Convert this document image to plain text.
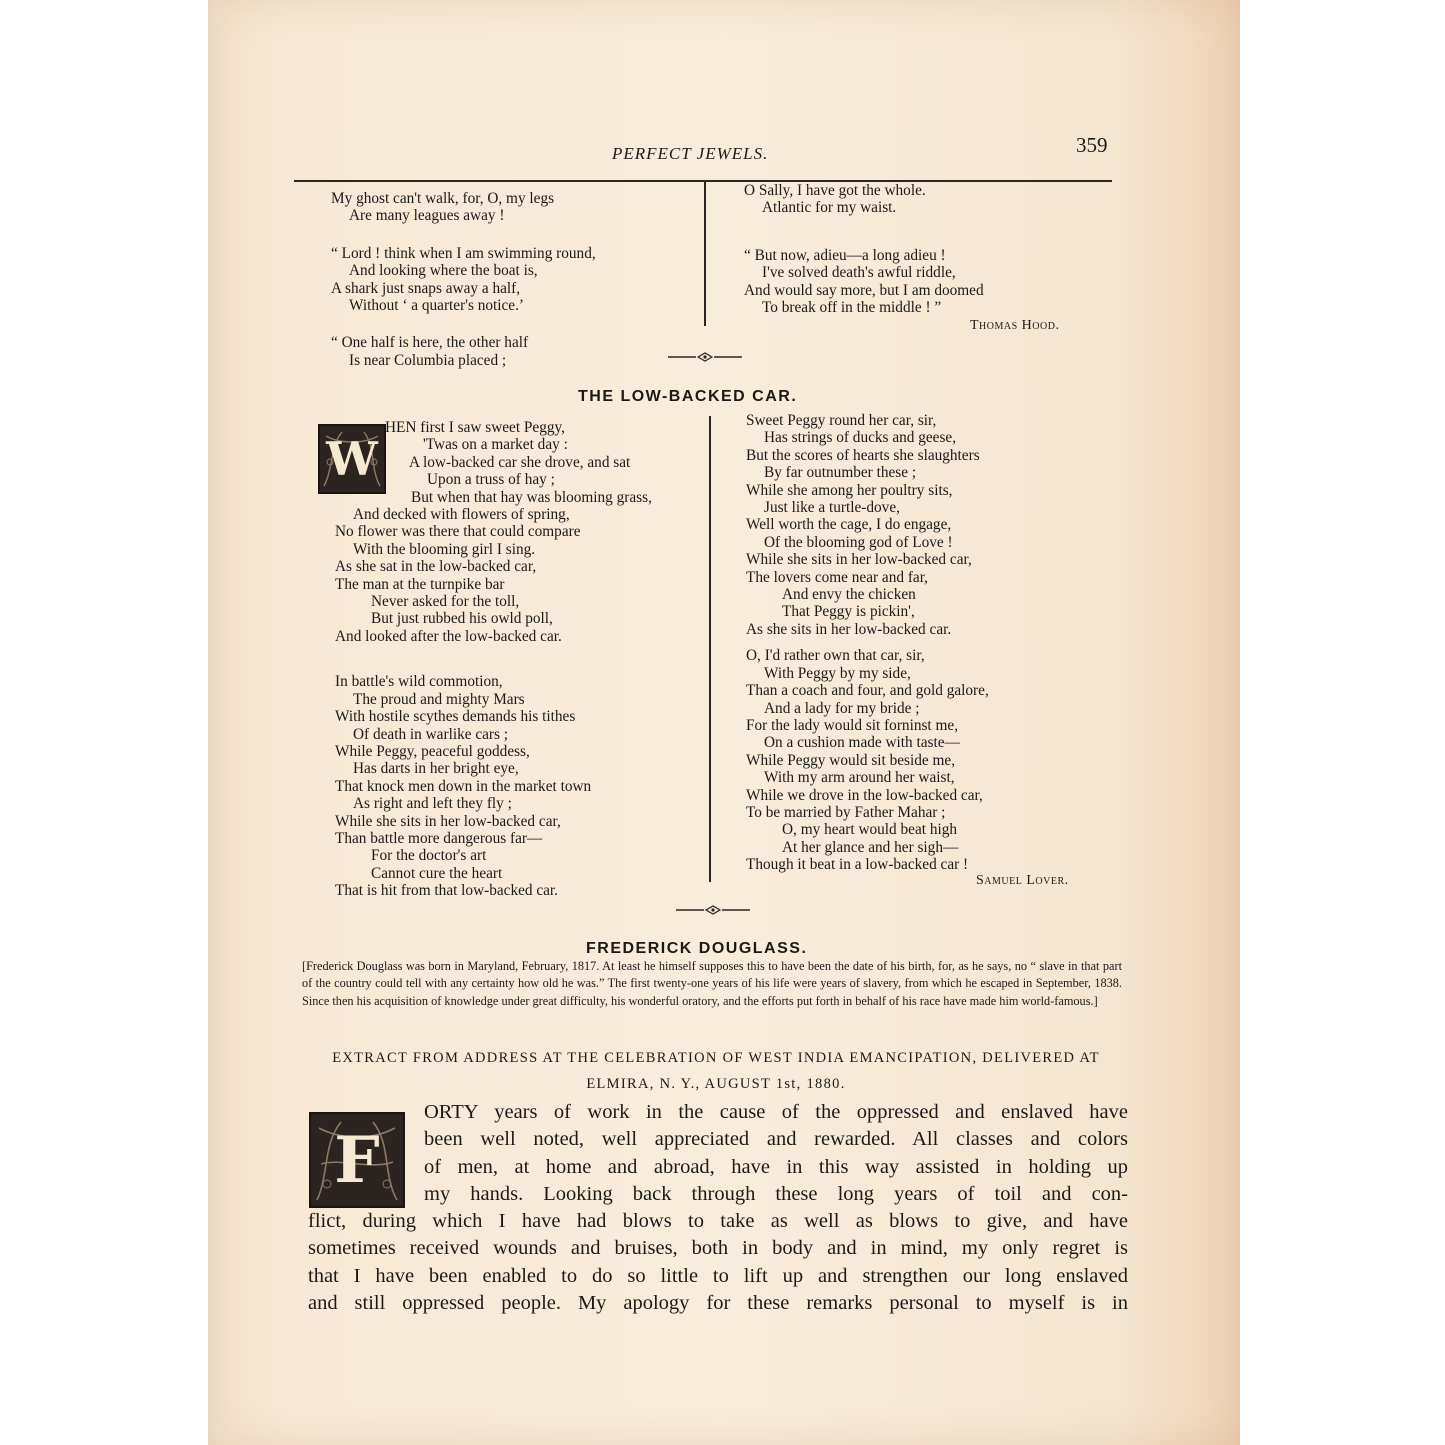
PERFECT JEWELS.	359
My ghost can't walk, for, O, my legs
Are many leagues away !
“ Lord ! think when I am swimming round,
And looking where the boat is,
A shark just snaps away a half,
Without ‘ a quarter's notice.’
“ One half is here, the other half
Is near Columbia placed ;
O Sally, I have got the whole.
Atlantic for my waist.
“ But now, adieu—a long adieu !
I've solved death's awful riddle,
And would say more, but I am doomed
To break off in the middle ! ”
Thomas Hood.
THE LOW-BACKED CAR.
W
HEN first I saw sweet Peggy,
'Twas on a market day :
A low-backed car she drove, and sat
Upon a truss of hay ;
But when that hay was blooming grass,
And decked with flowers of spring,
No flower was there that could compare
With the blooming girl I sing.
As she sat in the low-backed car,
The man at the turnpike bar
Never asked for the toll,
But just rubbed his owld poll,
And looked after the low-backed car.
In battle's wild commotion,
The proud and mighty Mars
With hostile scythes demands his tithes
Of death in warlike cars ;
While Peggy, peaceful goddess,
Has darts in her bright eye,
That knock men down in the market town
As right and left they fly ;
While she sits in her low-backed car,
Than battle more dangerous far—
For the doctor's art
Cannot cure the heart
That is hit from that low-backed car.
Sweet Peggy round her car, sir,
Has strings of ducks and geese,
But the scores of hearts she slaughters
By far outnumber these ;
While she among her poultry sits,
Just like a turtle-dove,
Well worth the cage, I do engage,
Of the blooming god of Love !
While she sits in her low-backed car,
The lovers come near and far,
And envy the chicken
That Peggy is pickin',
As she sits in her low-backed car.
O, I'd rather own that car, sir,
With Peggy by my side,
Than a coach and four, and gold galore,
And a lady for my bride ;
For the lady would sit forninst me,
On a cushion made with taste—
While Peggy would sit beside me,
With my arm around her waist,
While we drove in the low-backed car,
To be married by Father Mahar ;
O, my heart would beat high
At her glance and her sigh—
Though it beat in a low-backed car !
Samuel Lover.
FREDERICK DOUGLASS.
[Frederick Douglass was born in Maryland, February, 1817. At least he himself supposes this to have been the date of his birth, for, as he says, no “ slave in that part of the country could tell with any certainty how old he was.” The first twenty-one years of his life were years of slavery, from which he escaped in September, 1838. Since then his acquisition of knowledge under great difficulty, his wonderful oratory, and the efforts put forth in behalf of his race have made him world-famous.]
EXTRACT FROM ADDRESS AT THE CELEBRATION OF WEST INDIA EMANCIPATION, DELIVERED AT ELMIRA, N. Y., AUGUST 1st, 1880.
F
ORTY years of work in the cause of the oppressed and enslaved have
been well noted, well appreciated and rewarded. All classes and colors
of men, at home and abroad, have in this way assisted in holding up
my hands. Looking back through these long years of toil and con-
flict, during which I have had blows to take as well as blows to give, and have
sometimes received wounds and bruises, both in body and in mind, my only regret is
that I have been enabled to do so little to lift up and strengthen our long enslaved
and still oppressed people. My apology for these remarks personal to myself is in
